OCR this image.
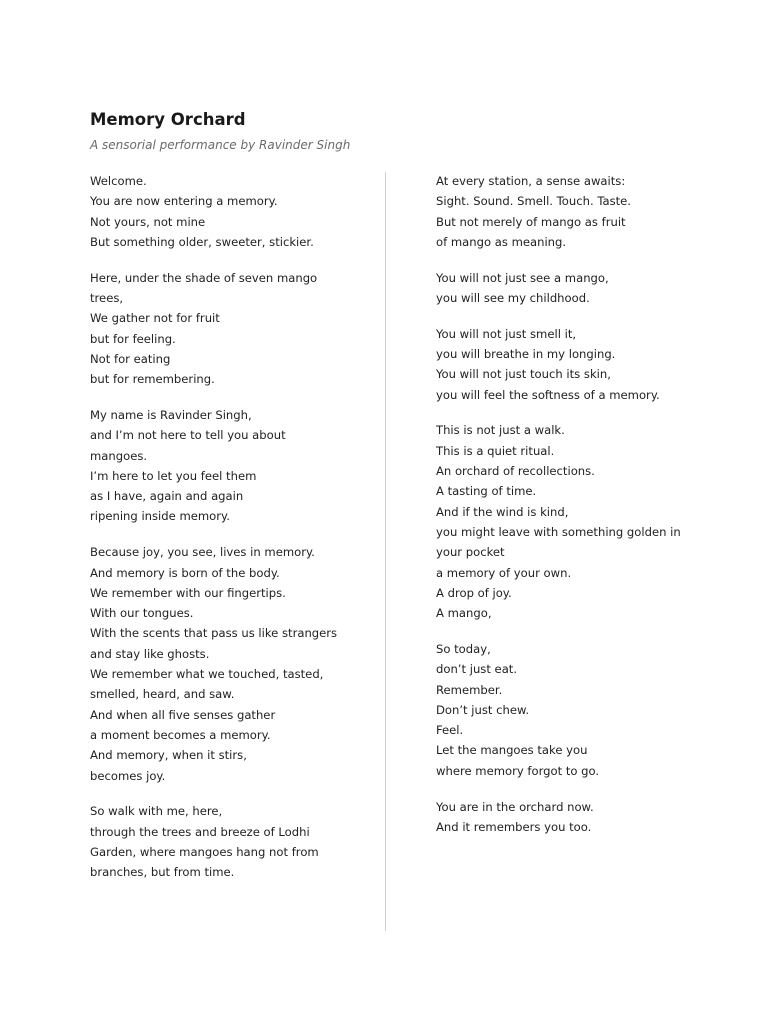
Memory Orchard

A sensorial performance by Ravinder Singh

Welcome.
You are now entering a memory.
Not yours, not mine
But something older, sweeter, stickier.

Here, under the shade of seven mango trees,
We gather not for fruit
but for feeling.
Not for eating
but for remembering.

My name is Ravinder Singh,
and I’m not here to tell you about mangoes.
I’m here to let you feel them
as I have, again and again
ripening inside memory.

Because joy, you see, lives in memory.
And memory is born of the body.
We remember with our fingertips.
With our tongues.
With the scents that pass us like strangers
and stay like ghosts.
We remember what we touched, tasted, smelled, heard, and saw.
And when all five senses gather
a moment becomes a memory.
And memory, when it stirs,
becomes joy.

So walk with me, here,
through the trees and breeze of Lodhi Garden, where mangoes hang not from branches, but from time.

At every station, a sense awaits:
Sight. Sound. Smell. Touch. Taste.
But not merely of mango as fruit
of mango as meaning.

You will not just see a mango,
you will see my childhood.

You will not just smell it,
you will breathe in my longing.
You will not just touch its skin,
you will feel the softness of a memory.

This is not just a walk.
This is a quiet ritual.
An orchard of recollections.
A tasting of time.
And if the wind is kind,
you might leave with something golden in your pocket
a memory of your own.
A drop of joy.
A mango,

So today,
don’t just eat.
Remember.
Don’t just chew.
Feel.
Let the mangoes take you
where memory forgot to go.

You are in the orchard now.
And it remembers you too.
